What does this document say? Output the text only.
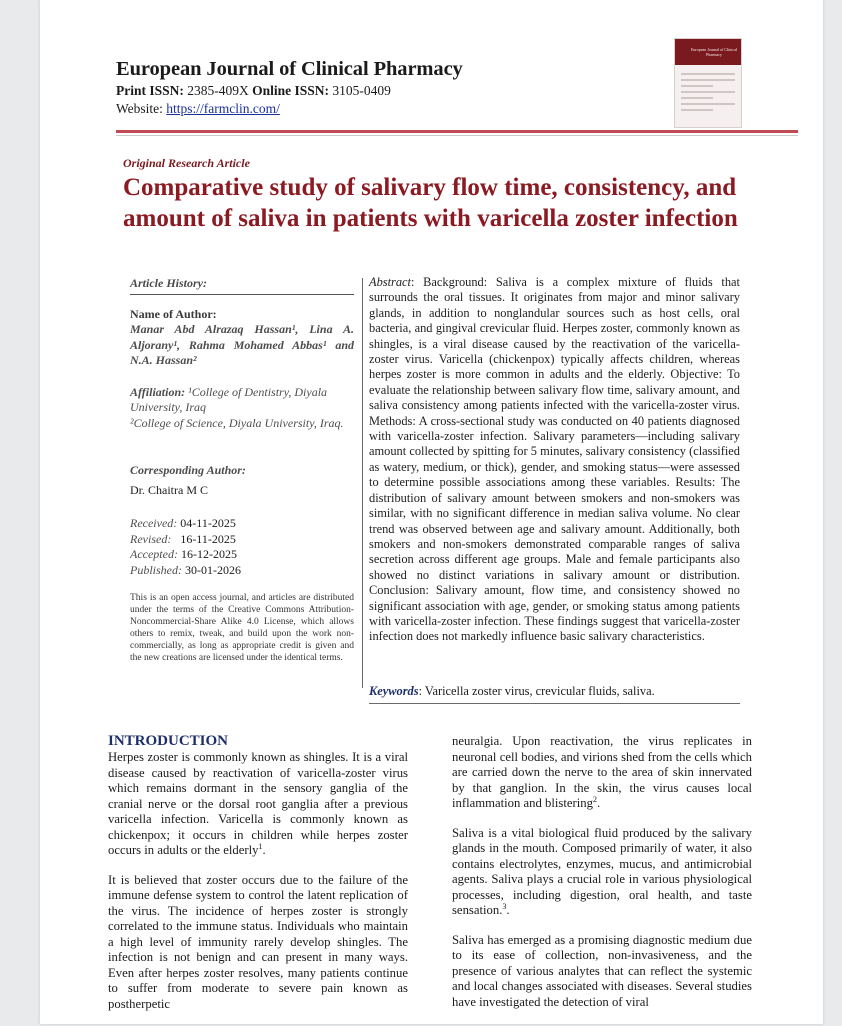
European Journal of Clinical Pharmacy
Print ISSN: 2385-409X Online ISSN: 3105-0409
Website: https://farmclin.com/
European Journal of Clinical Pharmacy
Original Research Article
Comparative study of salivary flow time, consistency, and amount of saliva in patients with varicella zoster infection
Article History:
Name of Author:
Manar Abd Alrazaq Hassan¹, Lina A. Aljorany¹, Rahma Mohamed Abbas¹ and N.A. Hassan²
Affiliation: ¹College of Dentistry, Diyala University, Iraq
²College of Science, Diyala University, Iraq.
Corresponding Author:
Dr. Chaitra M C
Received: 04-11-2025
Revised: 16-11-2025
Accepted: 16-12-2025
Published: 30-01-2026
This is an open access journal, and articles are distributed under the terms of the Creative Commons Attribution-Noncommercial-Share Alike 4.0 License, which allows others to remix, tweak, and build upon the work non-commercially, as long as appropriate credit is given and the new creations are licensed under the identical terms.
Abstract: Background: Saliva is a complex mixture of fluids that surrounds the oral tissues. It originates from major and minor salivary glands, in addition to nonglandular sources such as host cells, oral bacteria, and gingival crevicular fluid. Herpes zoster, commonly known as shingles, is a viral disease caused by the reactivation of the varicella-zoster virus. Varicella (chickenpox) typically affects children, whereas herpes zoster is more common in adults and the elderly. Objective: To evaluate the relationship between salivary flow time, salivary amount, and saliva consistency among patients infected with the varicella-zoster virus. Methods: A cross-sectional study was conducted on 40 patients diagnosed with varicella-zoster infection. Salivary parameters—including salivary amount collected by spitting for 5 minutes, salivary consistency (classified as watery, medium, or thick), gender, and smoking status—were assessed to determine possible associations among these variables. Results: The distribution of salivary amount between smokers and non-smokers was similar, with no significant difference in median saliva volume. No clear trend was observed between age and salivary amount. Additionally, both smokers and non-smokers demonstrated comparable ranges of saliva secretion across different age groups. Male and female participants also showed no distinct variations in salivary amount or distribution. Conclusion: Salivary amount, flow time, and consistency showed no significant association with age, gender, or smoking status among patients with varicella-zoster infection. These findings suggest that varicella-zoster infection does not markedly influence basic salivary characteristics.
Keywords: Varicella zoster virus, crevicular fluids, saliva.
INTRODUCTION

Herpes zoster is commonly known as shingles. It is a viral disease caused by reactivation of varicella-zoster virus which remains dormant in the sensory ganglia of the cranial nerve or the dorsal root ganglia after a previous varicella infection. Varicella is commonly known as chickenpox; it occurs in children while herpes zoster occurs in adults or the elderly$^1$.

It is believed that zoster occurs due to the failure of the immune defense system to control the latent replication of the virus. The incidence of herpes zoster is strongly correlated to the immune status. Individuals who maintain a high level of immunity rarely develop shingles. The infection is not benign and can present in many ways. Even after herpes zoster resolves, many patients continue to suffer from moderate to severe pain known as postherpetic

neuralgia. Upon reactivation, the virus replicates in neuronal cell bodies, and virions shed from the cells which are carried down the nerve to the area of skin innervated by that ganglion. In the skin, the virus causes local inflammation and blistering$^2$.

Saliva is a vital biological fluid produced by the salivary glands in the mouth. Composed primarily of water, it also contains electrolytes, enzymes, mucus, and antimicrobial agents. Saliva plays a crucial role in various physiological processes, including digestion, oral health, and taste sensation.$^3$.

Saliva has emerged as a promising diagnostic medium due to its ease of collection, non-invasiveness, and the presence of various analytes that can reflect the systemic and local changes associated with diseases. Several studies have investigated the detection of viral
